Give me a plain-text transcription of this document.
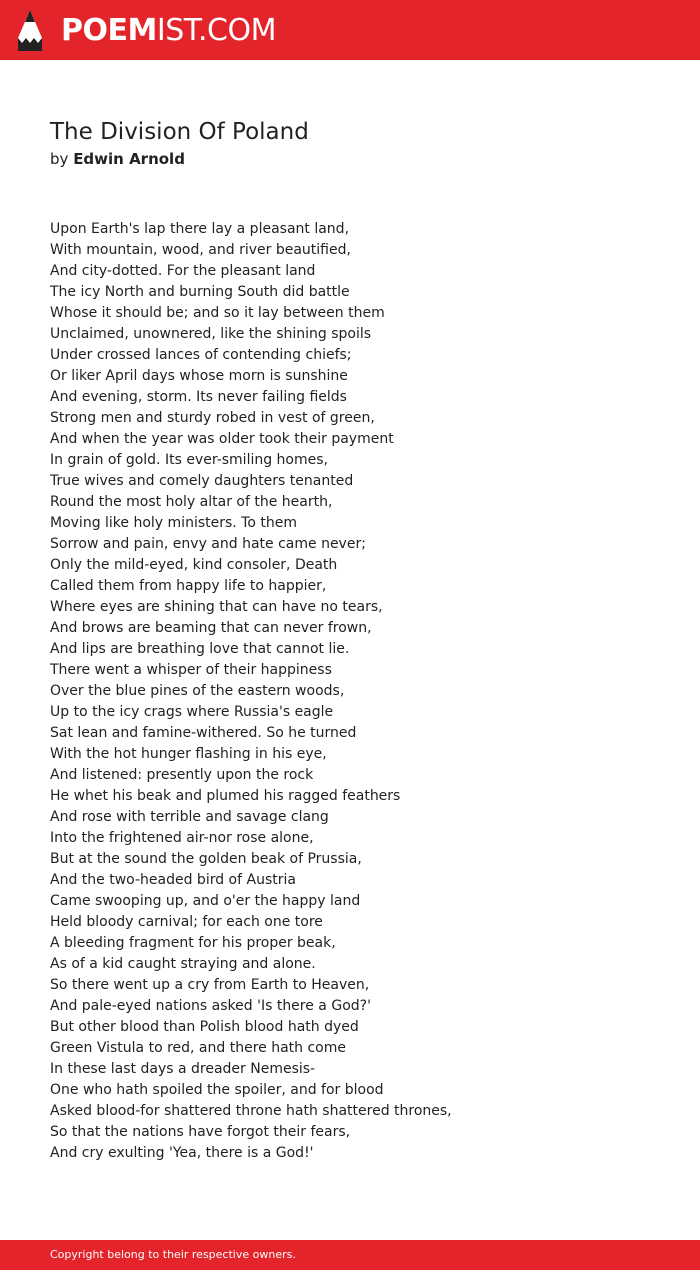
POEMIST.COM
The Division Of Poland
by Edwin Arnold
Upon Earth's lap there lay a pleasant land,
With mountain, wood, and river beautified,
And city-dotted. For the pleasant land
The icy North and burning South did battle
Whose it should be; and so it lay between them
Unclaimed, unownered, like the shining spoils
Under crossed lances of contending chiefs;
Or liker April days whose morn is sunshine
And evening, storm. Its never failing fields
Strong men and sturdy robed in vest of green,
And when the year was older took their payment
In grain of gold. Its ever-smiling homes,
True wives and comely daughters tenanted
Round the most holy altar of the hearth,
Moving like holy ministers. To them
Sorrow and pain, envy and hate came never;
Only the mild-eyed, kind consoler, Death
Called them from happy life to happier,
Where eyes are shining that can have no tears,
And brows are beaming that can never frown,
And lips are breathing love that cannot lie.
There went a whisper of their happiness
Over the blue pines of the eastern woods,
Up to the icy crags where Russia's eagle
Sat lean and famine-withered. So he turned
With the hot hunger flashing in his eye,
And listened: presently upon the rock
He whet his beak and plumed his ragged feathers
And rose with terrible and savage clang
Into the frightened air-nor rose alone,
But at the sound the golden beak of Prussia,
And the two-headed bird of Austria
Came swooping up, and o'er the happy land
Held bloody carnival; for each one tore
A bleeding fragment for his proper beak,
As of a kid caught straying and alone.
So there went up a cry from Earth to Heaven,
And pale-eyed nations asked 'Is there a God?'
But other blood than Polish blood hath dyed
Green Vistula to red, and there hath come
In these last days a dreader Nemesis-
One who hath spoiled the spoiler, and for blood
Asked blood-for shattered throne hath shattered thrones,
So that the nations have forgot their fears,
And cry exulting 'Yea, there is a God!'
Copyright belong to their respective owners.
